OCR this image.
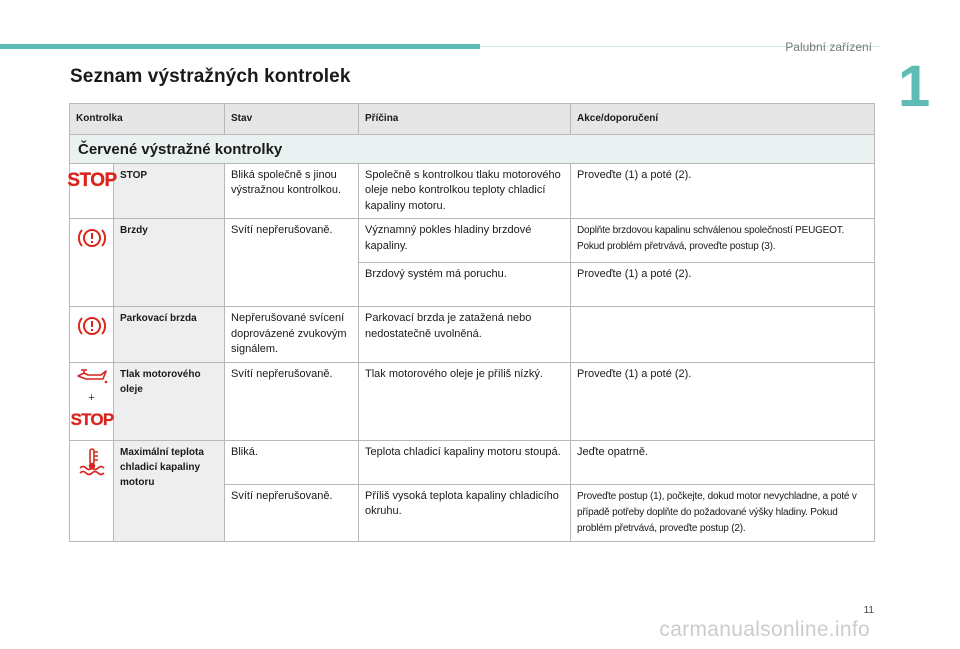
Palubní zařízení
1
Seznam výstražných kontrolek
Kontrolka		Stav	Příčina	Akce/doporučení

Červené výstražné kontrolky				

STOP	STOP	Bliká společně s jinou výstražnou kontrolkou.	Společně s kontrolkou tlaku motorového oleje nebo kontrolkou teploty chladicí kapaliny motoru.	Proveďte (1) a poté (2).
	Brzdy	Svítí nepřerušovaně.	Významný pokles hladiny brzdové kapaliny.	Doplňte brzdovou kapalinu schválenou společností PEUGEOT. Pokud problém přetrvává, proveďte postup (3).
			Brzdový systém má poruchu.	Proveďte (1) a poté (2).
	Parkovací brzda	Nepřerušované svícení doprovázené zvukovým signálem.	Parkovací brzda je zatažená nebo nedostatečně uvolněná.	

+
STOP	Tlak motorového oleje	Svítí nepřerušovaně.	Tlak motorového oleje je příliš nízký.	Proveďte (1) a poté (2).
	Maximální teplota chladicí kapaliny motoru	Bliká.	Teplota chladicí kapaliny motoru stoupá.	Jeďte opatrně.
		Svítí nepřerušovaně.	Příliš vysoká teplota kapaliny chladicího okruhu.	Proveďte postup (1), počkejte, dokud motor nevychladne, a poté v případě potřeby doplňte do požadované výšky hladiny. Pokud problém přetrvává, proveďte postup (2).
11
carmanualsonline.info
